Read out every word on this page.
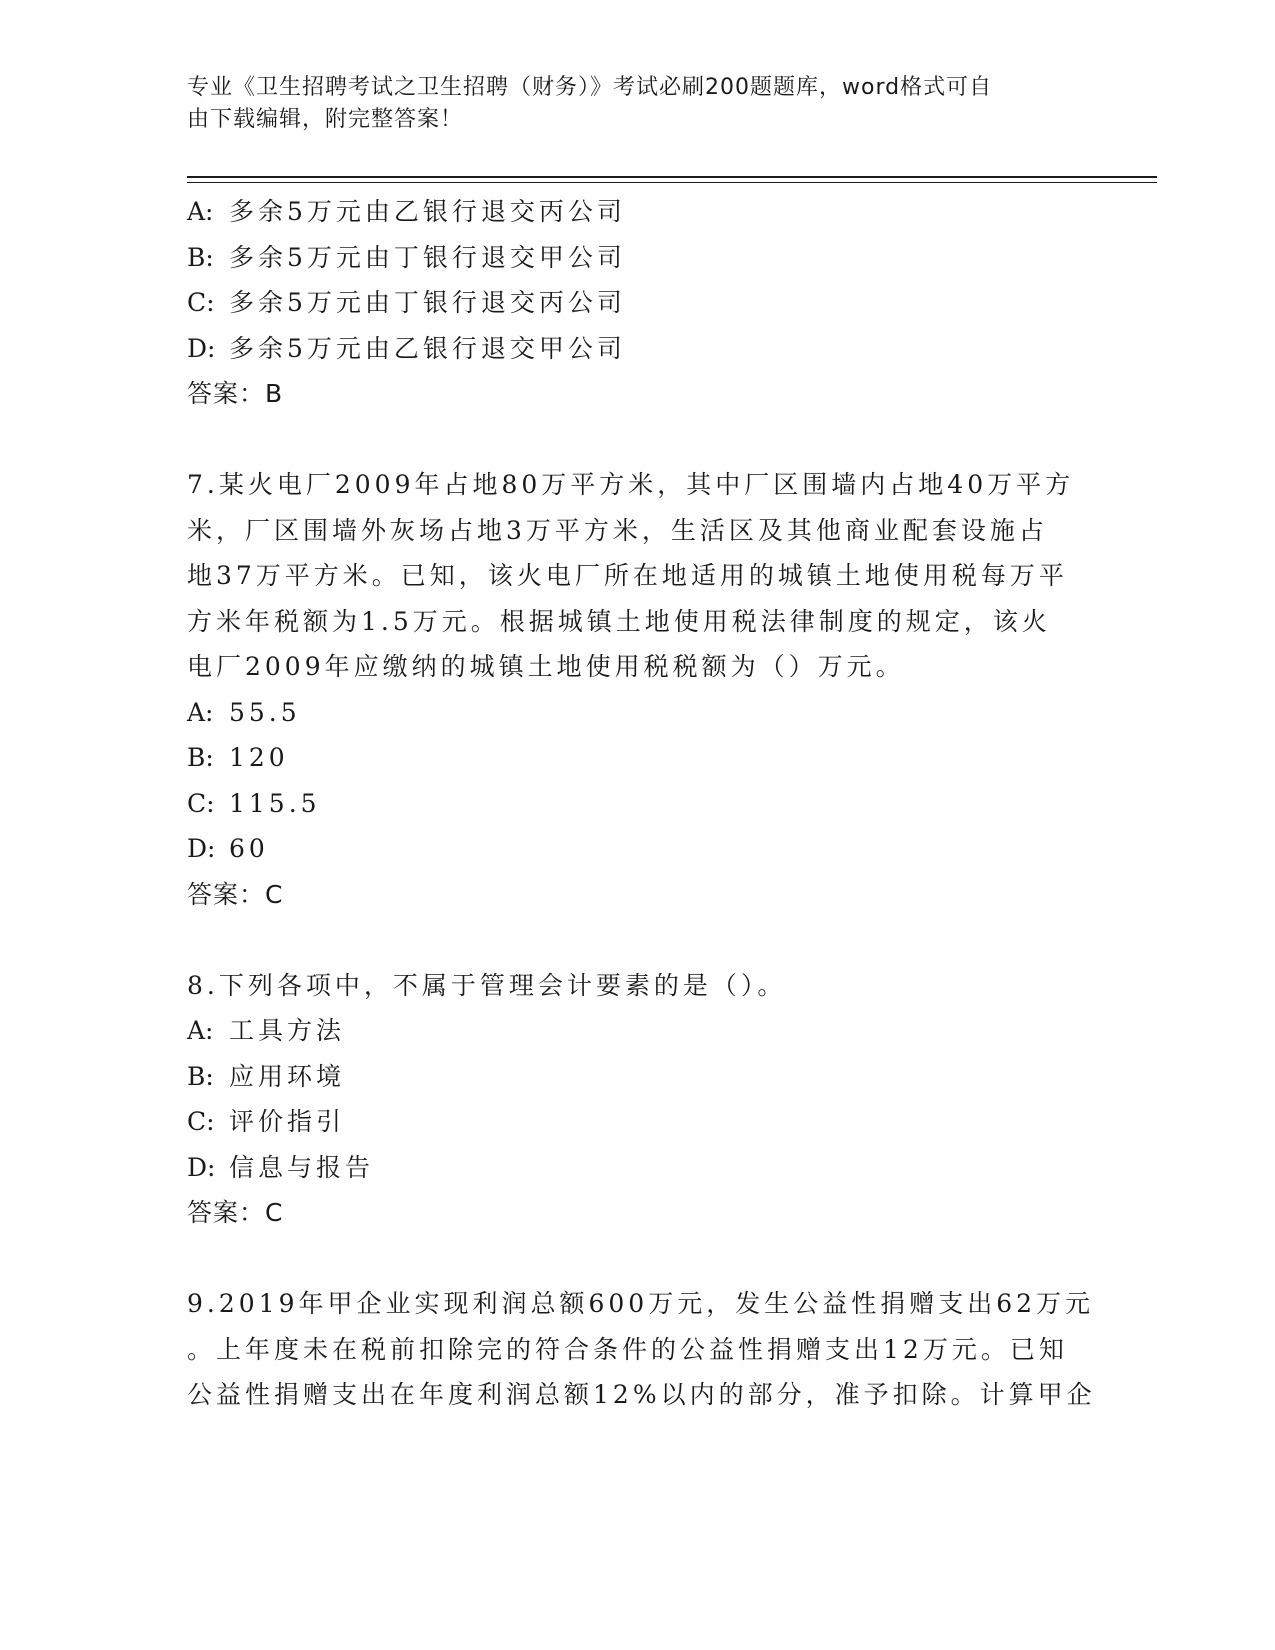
专业《卫生招聘考试之卫生招聘（财务）》考试必刷200题题库，word格式可自
由下载编辑，附完整答案！
A: 多余5万元由乙银行退交丙公司
B: 多余5万元由丁银行退交甲公司
C: 多余5万元由丁银行退交丙公司
D: 多余5万元由乙银行退交甲公司
答案：B
7.某火电厂2009年占地80万平方米，其中厂区围墙内占地40万平方
米，厂区围墙外灰场占地3万平方米，生活区及其他商业配套设施占
地37万平方米。已知，该火电厂所在地适用的城镇土地使用税每万平
方米年税额为1.5万元。根据城镇土地使用税法律制度的规定，该火
电厂2009年应缴纳的城镇土地使用税税额为（）万元。
A: 55.5
B: 120
C: 115.5
D: 60
答案：C
8.下列各项中，不属于管理会计要素的是（）。
A: 工具方法
B: 应用环境
C: 评价指引
D: 信息与报告
答案：C
9.2019年甲企业实现利润总额600万元，发生公益性捐赠支出62万元
。上年度未在税前扣除完的符合条件的公益性捐赠支出12万元。已知
公益性捐赠支出在年度利润总额12%以内的部分，准予扣除。计算甲企
